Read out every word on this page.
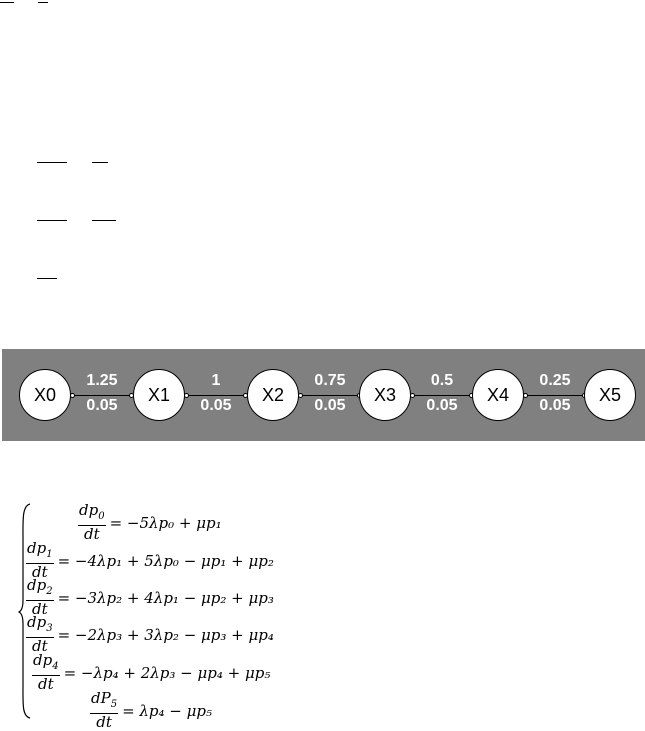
X0
1.25
0.05
X1
1
0.05
X2
0.75
0.05
X3
0.5
0.05
X4
0.25
0.05
X5
$\frac{dp_0}{dt} = -5\lambda p_0 + \mu p_1$
$\frac{dp_1}{dt} = -4\lambda p_1 + 5\lambda p_0 - \mu p_1 + \mu p_2$
$\frac{dp_2}{dt} = -3\lambda p_2 + 4\lambda p_1 - \mu p_2 + \mu p_3$
$\frac{dp_3}{dt} = -2\lambda p_3 + 3\lambda p_2 - \mu p_3 + \mu p_4$
$\frac{dp_4}{dt} = -\lambda p_4 + 2\lambda p_3 - \mu p_4 + \mu p_5$
$\frac{dP_5}{dt} = \lambda p_4 - \mu p_5$
